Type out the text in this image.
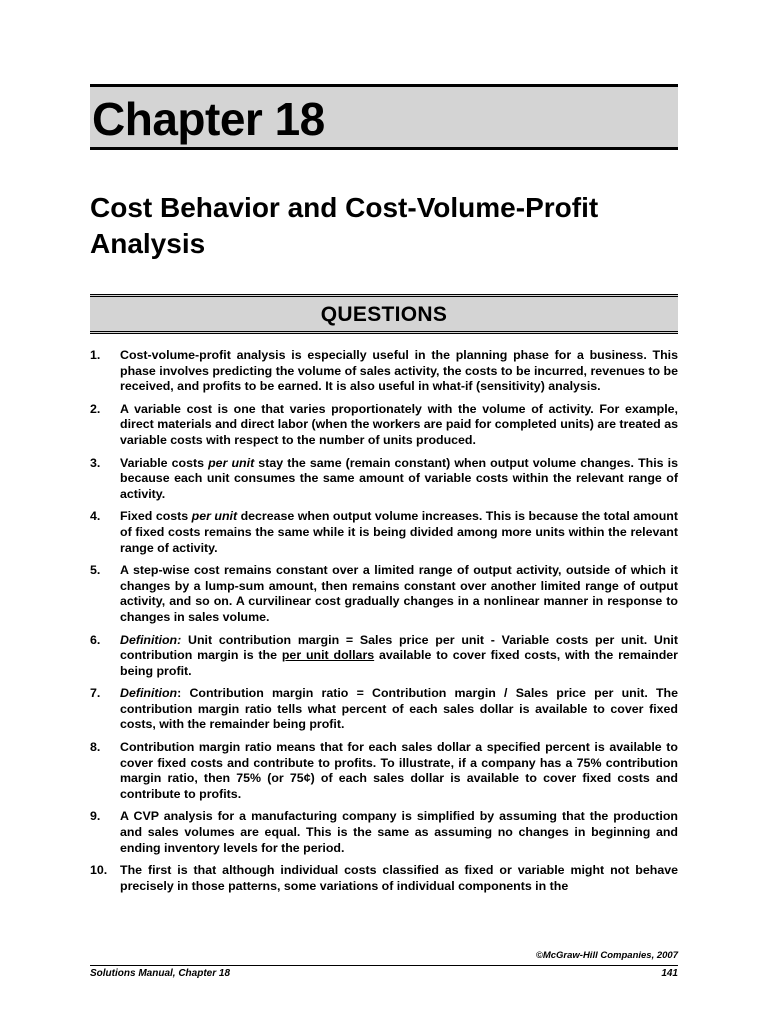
Chapter 18
Cost Behavior and Cost-Volume-Profit Analysis
QUESTIONS
1.	Cost-volume-profit analysis is especially useful in the planning phase for a business. This phase involves predicting the volume of sales activity, the costs to be incurred, revenues to be received, and profits to be earned. It is also useful in what-if (sensitivity) analysis.
2.	A variable cost is one that varies proportionately with the volume of activity. For example, direct materials and direct labor (when the workers are paid for completed units) are treated as variable costs with respect to the number of units produced.
3.	Variable costs per unit stay the same (remain constant) when output volume changes. This is because each unit consumes the same amount of variable costs within the relevant range of activity.
4.	Fixed costs per unit decrease when output volume increases. This is because the total amount of fixed costs remains the same while it is being divided among more units within the relevant range of activity.
5.	A step-wise cost remains constant over a limited range of output activity, outside of which it changes by a lump-sum amount, then remains constant over another limited range of output activity, and so on. A curvilinear cost gradually changes in a nonlinear manner in response to changes in sales volume.
6.	Definition: Unit contribution margin = Sales price per unit - Variable costs per unit. Unit contribution margin is the per unit dollars available to cover fixed costs, with the remainder being profit.
7.	Definition: Contribution margin ratio = Contribution margin / Sales price per unit. The contribution margin ratio tells what percent of each sales dollar is available to cover fixed costs, with the remainder being profit.
8.	Contribution margin ratio means that for each sales dollar a specified percent is available to cover fixed costs and contribute to profits. To illustrate, if a company has a 75% contribution margin ratio, then 75% (or 75¢) of each sales dollar is available to cover fixed costs and contribute to profits.
9.	A CVP analysis for a manufacturing company is simplified by assuming that the production and sales volumes are equal. This is the same as assuming no changes in beginning and ending inventory levels for the period.
10.	The first is that although individual costs classified as fixed or variable might not behave precisely in those patterns, some variations of individual components in the
©McGraw-Hill Companies, 2007
Solutions Manual, Chapter 18	141
